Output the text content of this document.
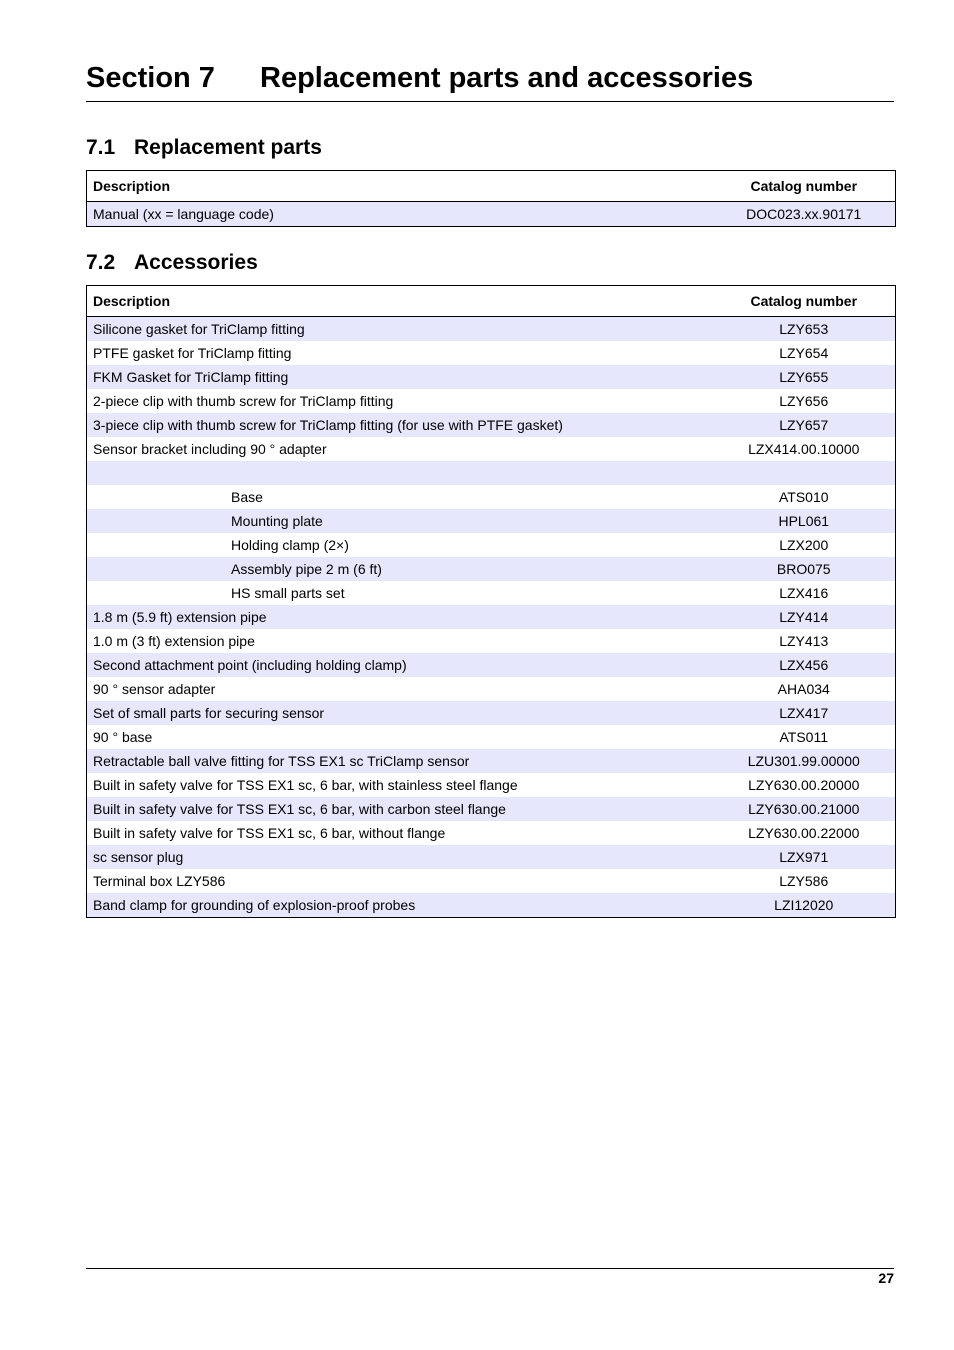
Section 7 Replacement parts and accessories
7.1 Replacement parts
Description	Catalog number
Manual (xx = language code)	DOC023.xx.90171
7.2 Accessories
Description	Catalog number
Silicone gasket for TriClamp fitting	LZY653
PTFE gasket for TriClamp fitting	LZY654
FKM Gasket for TriClamp fitting	LZY655
2-piece clip with thumb screw for TriClamp fitting	LZY656
3-piece clip with thumb screw for TriClamp fitting (for use with PTFE gasket)	LZY657
Sensor bracket including 90 ° adapter	LZX414.00.10000

Base	ATS010
Mounting plate	HPL061
Holding clamp (2×)	LZX200
Assembly pipe 2 m (6 ft)	BRO075
HS small parts set	LZX416
1.8 m (5.9 ft) extension pipe	LZY414
1.0 m (3 ft) extension pipe	LZY413
Second attachment point (including holding clamp)	LZX456
90 ° sensor adapter	AHA034
Set of small parts for securing sensor	LZX417
90 ° base	ATS011
Retractable ball valve fitting for TSS EX1 sc TriClamp sensor	LZU301.99.00000
Built in safety valve for TSS EX1 sc, 6 bar, with stainless steel flange	LZY630.00.20000
Built in safety valve for TSS EX1 sc, 6 bar, with carbon steel flange	LZY630.00.21000
Built in safety valve for TSS EX1 sc, 6 bar, without flange	LZY630.00.22000
sc sensor plug	LZX971
Terminal box LZY586	LZY586
Band clamp for grounding of explosion-proof probes	LZI12020
27
